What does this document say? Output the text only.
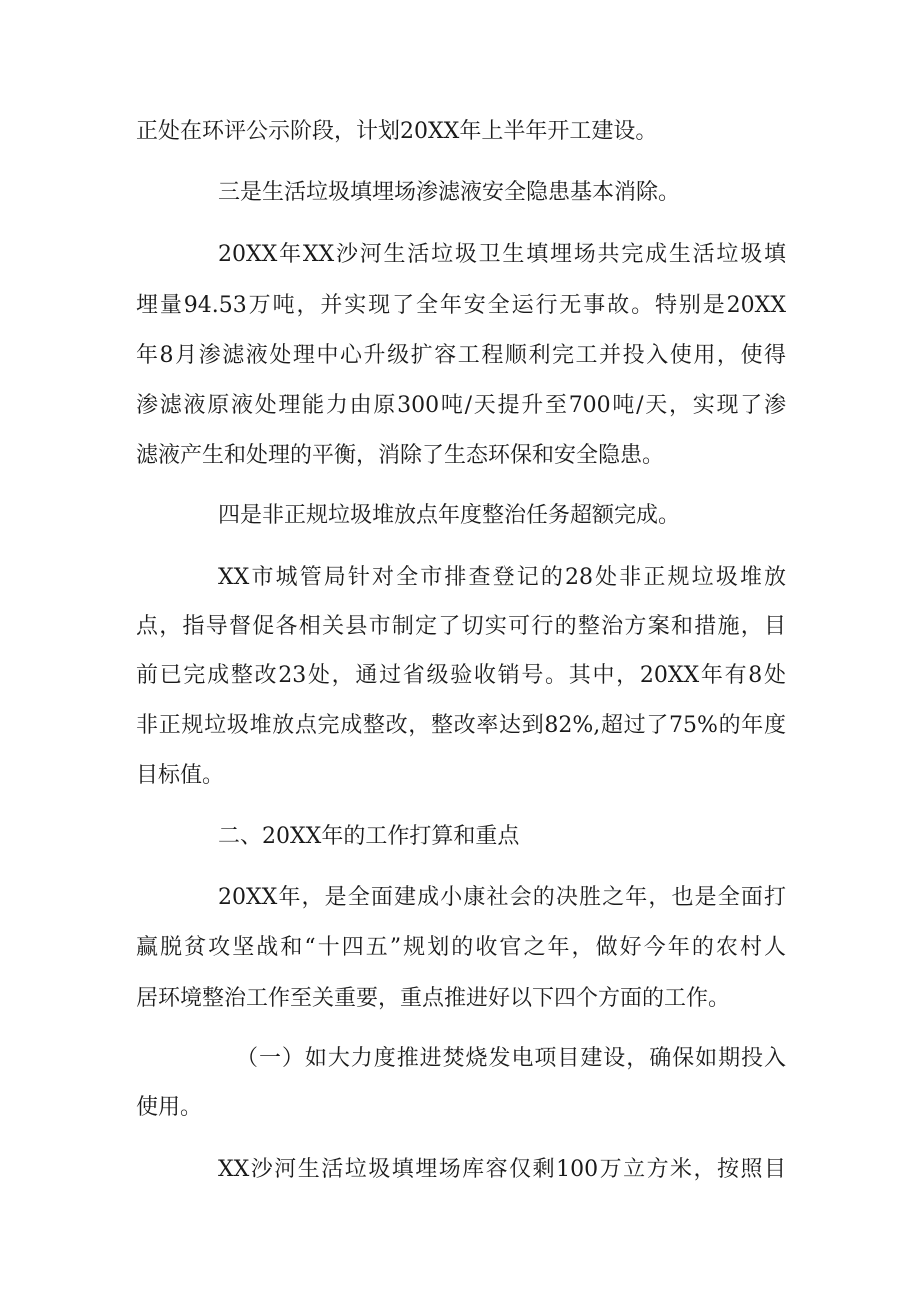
正处在环评公示阶段，计划20XX年上半年开工建设。
三是生活垃圾填埋场渗滤液安全隐患基本消除。
20XX年XX沙河生活垃圾卫生填埋场共完成生活垃圾填
埋量94.53万吨，并实现了全年安全运行无事故。特别是20XX
年8月渗滤液处理中心升级扩容工程顺利完工并投入使用，使得
渗滤液原液处理能力由原300吨/天提升至700吨/天，实现了渗
滤液产生和处理的平衡，消除了生态环保和安全隐患。
四是非正规垃圾堆放点年度整治任务超额完成。
XX市城管局针对全市排查登记的28处非正规垃圾堆放
点，指导督促各相关县市制定了切实可行的整治方案和措施，目
前已完成整改23处，通过省级验收销号。其中，20XX年有8处
非正规垃圾堆放点完成整改，整改率达到82%,超过了75%的年度
目标值。
二、20XX年的工作打算和重点
20XX年，是全面建成小康社会的决胜之年，也是全面打
赢脱贫攻坚战和“十四五”规划的收官之年，做好今年的农村人
居环境整治工作至关重要，重点推进好以下四个方面的工作。
（一）如大力度推进焚烧发电项目建设，确保如期投入
使用。
XX沙河生活垃圾填埋场库容仅剩100万立方米，按照目
